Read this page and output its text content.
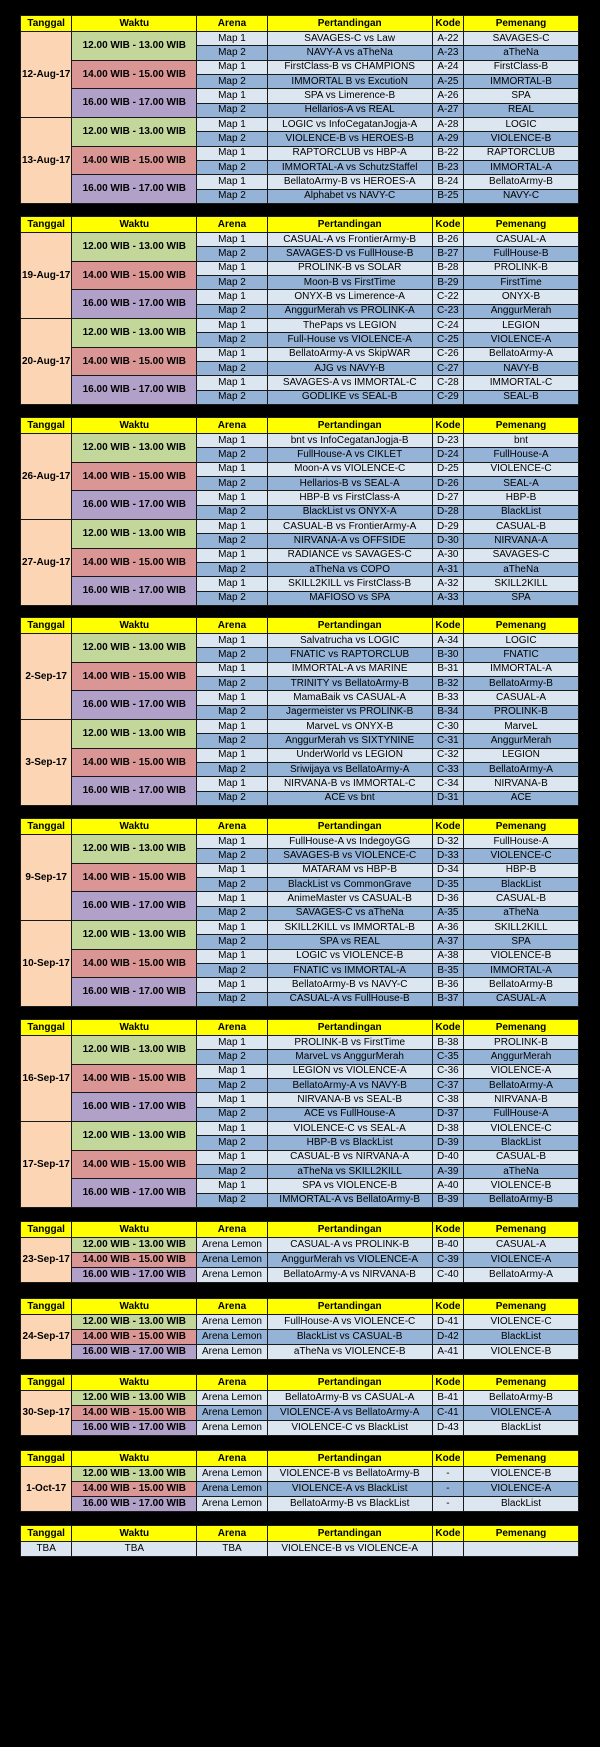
Tanggal	Waktu	Arena	Pertandingan	Kode	Pemenang
12-Aug-17	12.00 WIB - 13.00 WIB	Map 1	SAVAGES-C vs Law	A-22	SAVAGES-C
		Map 2	NAVY-A vs aTheNa	A-23	aTheNa
	14.00 WIB - 15.00 WIB	Map 1	FirstClass-B vs CHAMPIONS	A-24	FirstClass-B
		Map 2	IMMORTAL B vs ExcutioN	A-25	IMMORTAL-B
	16.00 WIB - 17.00 WIB	Map 1	SPA vs Limerence-B	A-26	SPA
		Map 2	Hellarios-A vs REAL	A-27	REAL
13-Aug-17	12.00 WIB - 13.00 WIB	Map 1	LOGIC vs InfoCegatanJogja-A	A-28	LOGIC
		Map 2	VIOLENCE-B vs HEROES-B	A-29	VIOLENCE-B
	14.00 WIB - 15.00 WIB	Map 1	RAPTORCLUB vs HBP-A	B-22	RAPTORCLUB
		Map 2	IMMORTAL-A vs SchutzStaffel	B-23	IMMORTAL-A
	16.00 WIB - 17.00 WIB	Map 1	BellatoArmy-B vs HEROES-A	B-24	BellatoArmy-B
		Map 2	Alphabet vs NAVY-C	B-25	NAVY-C
Tanggal	Waktu	Arena	Pertandingan	Kode	Pemenang
19-Aug-17	12.00 WIB - 13.00 WIB	Map 1	CASUAL-A vs FrontierArmy-B	B-26	CASUAL-A
		Map 2	SAVAGES-D vs FullHouse-B	B-27	FullHouse-B
	14.00 WIB - 15.00 WIB	Map 1	PROLINK-B vs SOLAR	B-28	PROLINK-B
		Map 2	Moon-B vs FirstTime	B-29	FirstTime
	16.00 WIB - 17.00 WIB	Map 1	ONYX-B vs Limerence-A	C-22	ONYX-B
		Map 2	AnggurMerah vs PROLINK-A	C-23	AnggurMerah
20-Aug-17	12.00 WIB - 13.00 WIB	Map 1	ThePaps vs LEGION	C-24	LEGION
		Map 2	Full-House vs VIOLENCE-A	C-25	VIOLENCE-A
	14.00 WIB - 15.00 WIB	Map 1	BellatoArmy-A vs SkipWAR	C-26	BellatoArmy-A
		Map 2	AJG vs NAVY-B	C-27	NAVY-B
	16.00 WIB - 17.00 WIB	Map 1	SAVAGES-A vs IMMORTAL-C	C-28	IMMORTAL-C
		Map 2	GODLIKE vs SEAL-B	C-29	SEAL-B
Tanggal	Waktu	Arena	Pertandingan	Kode	Pemenang
26-Aug-17	12.00 WIB - 13.00 WIB	Map 1	bnt vs InfoCegatanJogja-B	D-23	bnt
		Map 2	FullHouse-A vs CIKLET	D-24	FullHouse-A
	14.00 WIB - 15.00 WIB	Map 1	Moon-A vs VIOLENCE-C	D-25	VIOLENCE-C
		Map 2	Hellarios-B vs SEAL-A	D-26	SEAL-A
	16.00 WIB - 17.00 WIB	Map 1	HBP-B vs FirstClass-A	D-27	HBP-B
		Map 2	BlackList vs ONYX-A	D-28	BlackList
27-Aug-17	12.00 WIB - 13.00 WIB	Map 1	CASUAL-B vs FrontierArmy-A	D-29	CASUAL-B
		Map 2	NIRVANA-A vs OFFSIDE	D-30	NIRVANA-A
	14.00 WIB - 15.00 WIB	Map 1	RADIANCE vs SAVAGES-C	A-30	SAVAGES-C
		Map 2	aTheNa vs COPO	A-31	aTheNa
	16.00 WIB - 17.00 WIB	Map 1	SKILL2KILL vs FirstClass-B	A-32	SKILL2KILL
		Map 2	MAFIOSO vs SPA	A-33	SPA
Tanggal	Waktu	Arena	Pertandingan	Kode	Pemenang
2-Sep-17	12.00 WIB - 13.00 WIB	Map 1	Salvatrucha vs LOGIC	A-34	LOGIC
		Map 2	FNATIC vs RAPTORCLUB	B-30	FNATIC
	14.00 WIB - 15.00 WIB	Map 1	IMMORTAL-A vs MARINE	B-31	IMMORTAL-A
		Map 2	TRINITY vs BellatoArmy-B	B-32	BellatoArmy-B
	16.00 WIB - 17.00 WIB	Map 1	MamaBaik vs CASUAL-A	B-33	CASUAL-A
		Map 2	Jagermeister vs PROLINK-B	B-34	PROLINK-B
3-Sep-17	12.00 WIB - 13.00 WIB	Map 1	MarveL vs ONYX-B	C-30	MarveL
		Map 2	AnggurMerah vs SIXTYNINE	C-31	AnggurMerah
	14.00 WIB - 15.00 WIB	Map 1	UnderWorld vs LEGION	C-32	LEGION
		Map 2	Sriwijaya vs BellatoArmy-A	C-33	BellatoArmy-A
	16.00 WIB - 17.00 WIB	Map 1	NIRVANA-B vs IMMORTAL-C	C-34	NIRVANA-B
		Map 2	ACE vs bnt	D-31	ACE
Tanggal	Waktu	Arena	Pertandingan	Kode	Pemenang
9-Sep-17	12.00 WIB - 13.00 WIB	Map 1	FullHouse-A vs IndegoyGG	D-32	FullHouse-A
		Map 2	SAVAGES-B vs VIOLENCE-C	D-33	VIOLENCE-C
	14.00 WIB - 15.00 WIB	Map 1	MATARAM vs HBP-B	D-34	HBP-B
		Map 2	BlackList vs CommonGrave	D-35	BlackList
	16.00 WIB - 17.00 WIB	Map 1	AnimeMaster vs CASUAL-B	D-36	CASUAL-B
		Map 2	SAVAGES-C vs aTheNa	A-35	aTheNa
10-Sep-17	12.00 WIB - 13.00 WIB	Map 1	SKILL2KILL vs IMMORTAL-B	A-36	SKILL2KILL
		Map 2	SPA vs REAL	A-37	SPA
	14.00 WIB - 15.00 WIB	Map 1	LOGIC vs VIOLENCE-B	A-38	VIOLENCE-B
		Map 2	FNATIC vs IMMORTAL-A	B-35	IMMORTAL-A
	16.00 WIB - 17.00 WIB	Map 1	BellatoArmy-B vs NAVY-C	B-36	BellatoArmy-B
		Map 2	CASUAL-A vs FullHouse-B	B-37	CASUAL-A
Tanggal	Waktu	Arena	Pertandingan	Kode	Pemenang
16-Sep-17	12.00 WIB - 13.00 WIB	Map 1	PROLINK-B vs FirstTime	B-38	PROLINK-B
		Map 2	MarveL vs AnggurMerah	C-35	AnggurMerah
	14.00 WIB - 15.00 WIB	Map 1	LEGION vs VIOLENCE-A	C-36	VIOLENCE-A
		Map 2	BellatoArmy-A vs NAVY-B	C-37	BellatoArmy-A
	16.00 WIB - 17.00 WIB	Map 1	NIRVANA-B vs SEAL-B	C-38	NIRVANA-B
		Map 2	ACE vs FullHouse-A	D-37	FullHouse-A
17-Sep-17	12.00 WIB - 13.00 WIB	Map 1	VIOLENCE-C vs SEAL-A	D-38	VIOLENCE-C
		Map 2	HBP-B vs BlackList	D-39	BlackList
	14.00 WIB - 15.00 WIB	Map 1	CASUAL-B vs NIRVANA-A	D-40	CASUAL-B
		Map 2	aTheNa vs SKILL2KILL	A-39	aTheNa
	16.00 WIB - 17.00 WIB	Map 1	SPA vs VIOLENCE-B	A-40	VIOLENCE-B
		Map 2	IMMORTAL-A vs BellatoArmy-B	B-39	BellatoArmy-B
Tanggal	Waktu	Arena	Pertandingan	Kode	Pemenang
23-Sep-17	12.00 WIB - 13.00 WIB	Arena Lemon	CASUAL-A vs PROLINK-B	B-40	CASUAL-A
	14.00 WIB - 15.00 WIB	Arena Lemon	AnggurMerah vs VIOLENCE-A	C-39	VIOLENCE-A
	16.00 WIB - 17.00 WIB	Arena Lemon	BellatoArmy-A vs NIRVANA-B	C-40	BellatoArmy-A
Tanggal	Waktu	Arena	Pertandingan	Kode	Pemenang
24-Sep-17	12.00 WIB - 13.00 WIB	Arena Lemon	FullHouse-A vs VIOLENCE-C	D-41	VIOLENCE-C
	14.00 WIB - 15.00 WIB	Arena Lemon	BlackList vs CASUAL-B	D-42	BlackList
	16.00 WIB - 17.00 WIB	Arena Lemon	aTheNa vs VIOLENCE-B	A-41	VIOLENCE-B
Tanggal	Waktu	Arena	Pertandingan	Kode	Pemenang
30-Sep-17	12.00 WIB - 13.00 WIB	Arena Lemon	BellatoArmy-B vs CASUAL-A	B-41	BellatoArmy-B
	14.00 WIB - 15.00 WIB	Arena Lemon	VIOLENCE-A vs BellatoArmy-A	C-41	VIOLENCE-A
	16.00 WIB - 17.00 WIB	Arena Lemon	VIOLENCE-C vs BlackList	D-43	BlackList
Tanggal	Waktu	Arena	Pertandingan	Kode	Pemenang
1-Oct-17	12.00 WIB - 13.00 WIB	Arena Lemon	VIOLENCE-B vs BellatoArmy-B	-	VIOLENCE-B
	14.00 WIB - 15.00 WIB	Arena Lemon	VIOLENCE-A vs BlackList	-	VIOLENCE-A
	16.00 WIB - 17.00 WIB	Arena Lemon	BellatoArmy-B vs BlackList	-	BlackList
Tanggal	Waktu	Arena	Pertandingan	Kode	Pemenang
TBA	TBA	TBA	VIOLENCE-B vs VIOLENCE-A		
